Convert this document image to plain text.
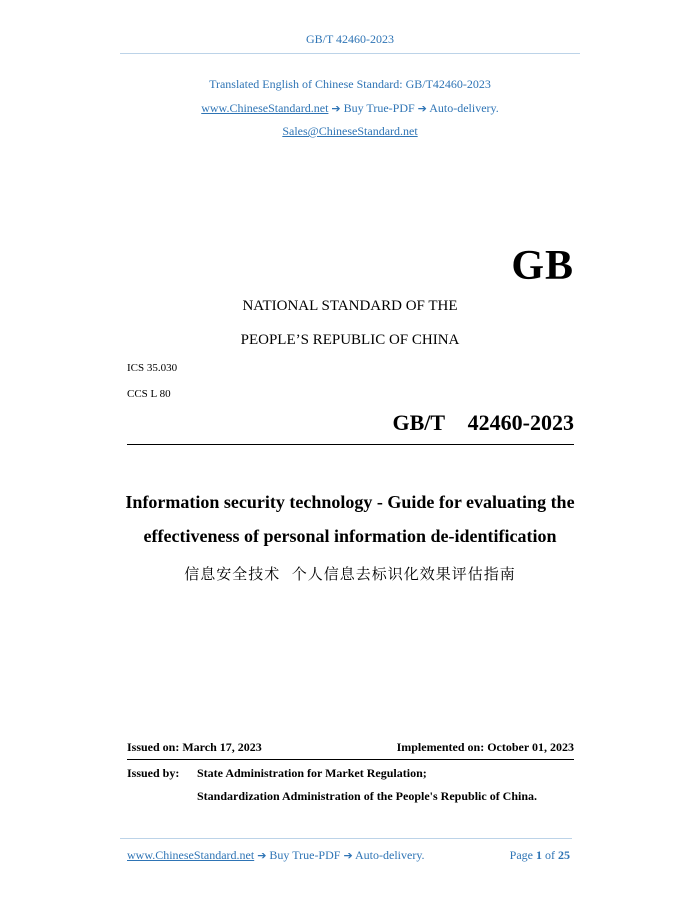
GB/T 42460-2023
Translated English of Chinese Standard: GB/T42460-2023
www.ChineseStandard.net ➔ Buy True-PDF ➔ Auto-delivery.
Sales@ChineseStandard.net
GB
NATIONAL STANDARD OF THE
PEOPLE’S REPUBLIC OF CHINA
ICS 35.030
CCS L 80
GB/T  42460-2023
Information security technology - Guide for evaluating the
effectiveness of personal information de-identification
信息安全技术  个人信息去标识化效果评估指南
Issued on: March 17, 2023	Implemented on: October 01, 2023
Issued by: State Administration for Market Regulation;
Standardization Administration of the People's Republic of China.
www.ChineseStandard.net ➔ Buy True-PDF ➔ Auto-delivery.	Page 1 of 25
